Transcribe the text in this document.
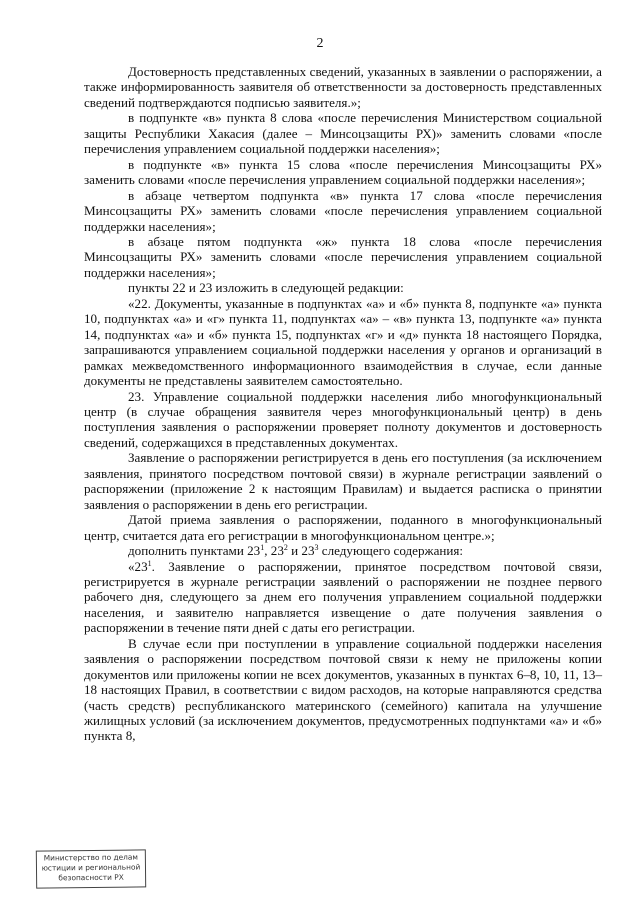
2

Достоверность представленных сведений, указанных в заявлении о распоряжении, а также информированность заявителя об ответственности за достоверность представленных сведений подтверждаются подписью заявителя.»;

в подпункте «в» пункта 8 слова «после перечисления Министерством социальной защиты Республики Хакасия (далее – Минсоцзащиты РХ)» заменить словами «после перечисления управлением социальной поддержки населения»;

в подпункте «в» пункта 15 слова «после перечисления Минсоцзащиты РХ» заменить словами «после перечисления управлением социальной поддержки населения»;

в абзаце четвертом подпункта «в» пункта 17 слова «после перечисления Минсоцзащиты РХ» заменить словами «после перечисления управлением социальной поддержки населения»;

в абзаце пятом подпункта «ж» пункта 18 слова «после перечисления Минсоцзащиты РХ» заменить словами «после перечисления управлением социальной поддержки населения»;

пункты 22 и 23 изложить в следующей редакции:

«22. Документы, указанные в подпунктах «а» и «б» пункта 8, подпункте «а» пункта 10, подпунктах «а» и «г» пункта 11, подпунктах «а» – «в» пункта 13, подпункте «а» пункта 14, подпунктах «а» и «б» пункта 15, подпунктах «г» и «д» пункта 18 настоящего Порядка, запрашиваются управлением социальной поддержки населения у органов и организаций в рамках межведомственного информационного взаимодействия в случае, если данные документы не представлены заявителем самостоятельно.

23. Управление социальной поддержки населения либо многофункциональный центр (в случае обращения заявителя через многофункциональный центр) в день поступления заявления о распоряжении проверяет полноту документов и достоверность сведений, содержащихся в представленных документах.

Заявление о распоряжении регистрируется в день его поступления (за исключением заявления, принятого посредством почтовой связи) в журнале регистрации заявлений о распоряжении (приложение 2 к настоящим Правилам) и выдается расписка о принятии заявления о распоряжении в день его регистрации.

Датой приема заявления о распоряжении, поданного в многофункциональный центр, считается дата его регистрации в многофункциональном центре.»;

дополнить пунктами $23^1$, $23^2$ и $23^3$ следующего содержания:

«$23^1$. Заявление о распоряжении, принятое посредством почтовой связи, регистрируется в журнале регистрации заявлений о распоряжении не позднее первого рабочего дня, следующего за днем его получения управлением социальной поддержки населения, и заявителю направляется извещение о дате получения заявления о распоряжении в течение пяти дней с даты его регистрации.

В случае если при поступлении в управление социальной поддержки населения заявления о распоряжении посредством почтовой связи к нему не приложены копии документов или приложены копии не всех документов, указанных в пунктах 6–8, 10, 11, 13–18 настоящих Правил, в соответствии с видом расходов, на которые направляются средства (часть средств) республиканского материнского (семейного) капитала на улучшение жилищных условий (за исключением документов, предусмотренных подпунктами «а» и «б» пункта 8,

Министерство по делам
юстиции и региональной
безопасности РХ
